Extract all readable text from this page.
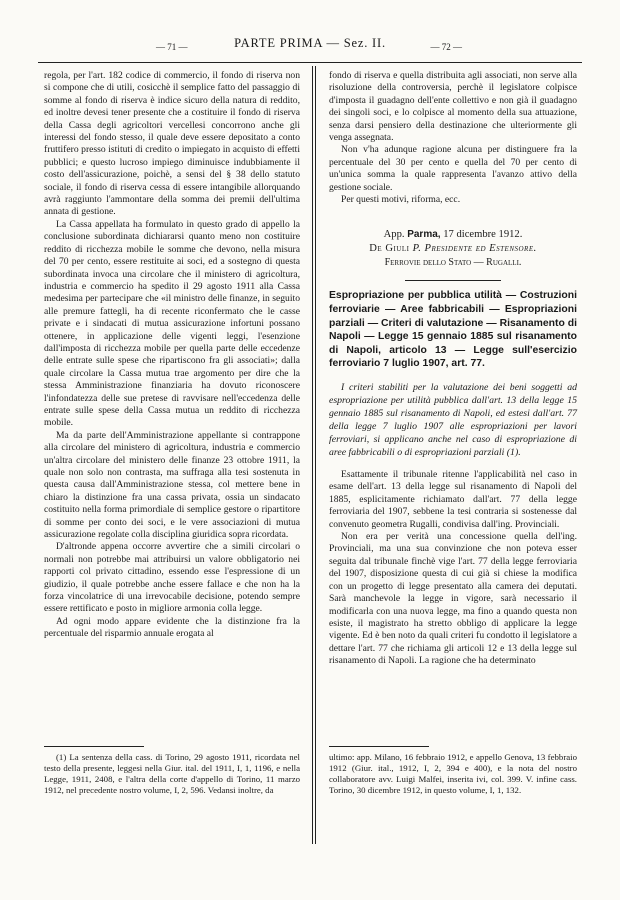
— 71 —	PARTE PRIMA — Sez. II.	— 72 —

regola, per l'art. 182 codice di commercio, il fondo di riserva non si compone che di utili, cosicchè il semplice fatto del passaggio di somme al fondo di riserva è indice sicuro della natura di reddito, ed inoltre devesi tener presente che a costituire il fondo di riserva della Cassa degli agricoltori vercellesi concorrono anche gli interessi del fondo stesso, il quale deve essere depositato a conto fruttifero presso istituti di credito o impiegato in acquisto di effetti pubblici; e questo lucroso impiego diminuisce indubbiamente il costo dell'assicurazione, poichè, a sensi del § 38 dello statuto sociale, il fondo di riserva cessa di essere intangibile allorquando avrà raggiunto l'ammontare della somma dei premii dell'ultima annata di gestione.

La Cassa appellata ha formulato in questo grado di appello la conclusione subordinata dichiararsi quanto meno non costituire reddito di ricchezza mobile le somme che devono, nella misura del 70 per cento, essere restituite ai soci, ed a sostegno di questa subordinata invoca una circolare che il ministero di agricoltura, industria e commercio ha spedito il 29 agosto 1911 alla Cassa medesima per partecipare che «il ministro delle finanze, in seguito alle premure fattegli, ha di recente riconfermato che le casse private e i sindacati di mutua assicurazione infortuni possano ottenere, in applicazione delle vigenti leggi, l'esenzione dall'imposta di ricchezza mobile per quella parte delle eccedenze delle entrate sulle spese che ripartiscono fra gli associati»; dalla quale circolare la Cassa mutua trae argomento per dire che la stessa Amministrazione finanziaria ha dovuto riconoscere l'infondatezza delle sue pretese di ravvisare nell'eccedenza delle entrate sulle spese della Cassa mutua un reddito di ricchezza mobile.

Ma da parte dell'Amministrazione appellante si contrappone alla circolare del ministero di agricoltura, industria e commercio un'altra circolare del ministero delle finanze 23 ottobre 1911, la quale non solo non contrasta, ma suffraga alla tesi sostenuta in questa causa dall'Amministrazione stessa, col mettere bene in chiaro la distinzione fra una cassa privata, ossia un sindacato costituito nella forma primordiale di semplice gestore o ripartitore di somme per conto dei soci, e le vere associazioni di mutua assicurazione regolate colla disciplina giuridica sopra ricordata.

D'altronde appena occorre avvertire che a simili circolari o normali non potrebbe mai attribuirsi un valore obbligatorio nei rapporti col privato cittadino, essendo esse l'espressione di un giudizio, il quale potrebbe anche essere fallace e che non ha la forza vincolatrice di una irrevocabile decisione, potendo sempre essere rettificato e posto in migliore armonia colla legge.

Ad ogni modo appare evidente che la distinzione fra la percentuale del risparmio annuale erogata al

fondo di riserva e quella distribuita agli associati, non serve alla risoluzione della controversia, perchè il legislatore colpisce d'imposta il guadagno dell'ente collettivo e non già il guadagno dei singoli soci, e lo colpisce al momento della sua attuazione, senza darsi pensiero della destinazione che ulteriormente gli venga assegnata.

Non v'ha adunque ragione alcuna per distinguere fra la percentuale del 30 per cento e quella del 70 per cento di un'unica somma la quale rappresenta l'avanzo attivo della gestione sociale.

Per questi motivi, riforma, ecc.

App. Parma, 17 dicembre 1912.
De Giuli P. Presidente ed Estensore.
Ferrovie dello Stato — Rugalli.
Espropriazione per pubblica utilità — Costruzioni ferroviarie — Aree fabbricabili — Espropriazioni parziali — Criteri di valutazione — Risanamento di Napoli — Legge 15 gennaio 1885 sul risanamento di Napoli, articolo 13 — Legge sull'esercizio ferroviario 7 luglio 1907, art. 77.
I criteri stabiliti per la valutazione dei beni soggetti ad espropriazione per utilità pubblica dall'art. 13 della legge 15 gennaio 1885 sul risanamento di Napoli, ed estesi dall'art. 77 della legge 7 luglio 1907 alle espropriazioni per lavori ferroviari, si applicano anche nel caso di espropriazione di aree fabbricabili o di espropriazioni parziali (1).

Esattamente il tribunale ritenne l'applicabilità nel caso in esame dell'art. 13 della legge sul risanamento di Napoli del 1885, esplicitamente richiamato dall'art. 77 della legge ferroviaria del 1907, sebbene la tesi contraria si sostenesse dal convenuto geometra Rugalli, condivisa dall'ing. Provinciali.

Non era per verità una concessione quella dell'ing. Provinciali, ma una sua convinzione che non poteva esser seguita dal tribunale finchè vige l'art. 77 della legge ferroviaria del 1907, disposizione questa di cui già si chiese la modifica con un progetto di legge presentato alla camera dei deputati. Sarà manchevole la legge in vigore, sarà necessario il modificarla con una nuova legge, ma fino a quando questa non esiste, il magistrato ha stretto obbligo di applicare la legge vigente. Ed è ben noto da quali criteri fu condotto il legislatore a dettare l'art. 77 che richiama gli articoli 12 e 13 della legge sul risanamento di Napoli. La ragione che ha determinato

(1) La sentenza della cass. di Torino, 29 agosto 1911, ricordata nel testo della presente, leggesi nella Giur. ital. del 1911, I, 1, 1196, e nella Legge, 1911, 2408, e l'altra della corte d'appello di Torino, 11 marzo 1912, nel precedente nostro volume, I, 2, 596. Vedansi inoltre, da
ultimo: app. Milano, 16 febbraio 1912, e appello Genova, 13 febbraio 1912 (Giur. ital., 1912, I, 2, 394 e 400), e la nota del nostro collaboratore avv. Luigi Malfei, inserita ivi, col. 399. V. infine cass. Torino, 30 dicembre 1912, in questo volume, I, 1, 132.
